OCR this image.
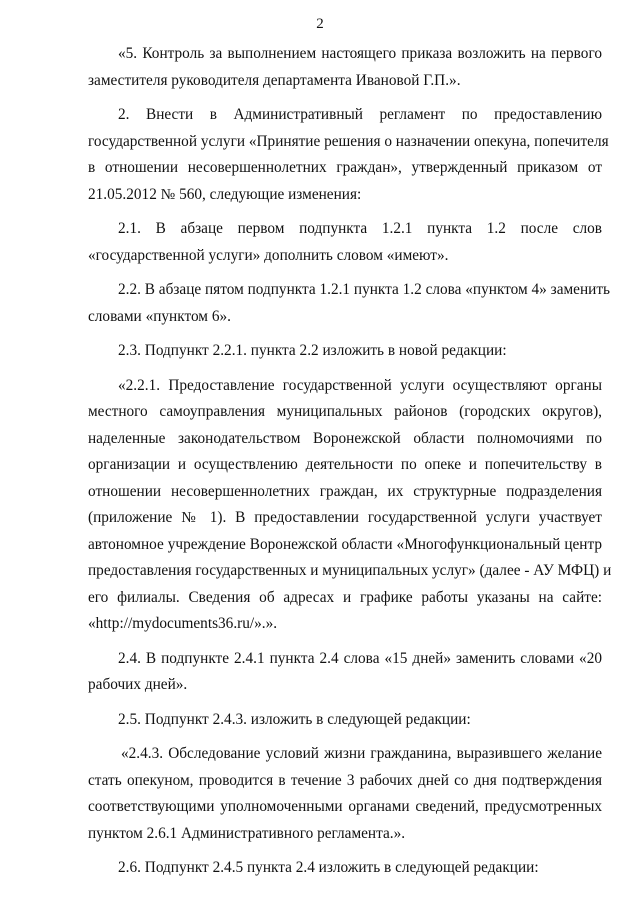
2
«5. Контроль за выполнением настоящего приказа возложить на первого
заместителя руководителя департамента Ивановой Г.П.».
2. Внести в Административный регламент по предоставлению
государственной услуги «Принятие решения о назначении опекуна, попечителя
в отношении несовершеннолетних граждан», утвержденный приказом от
21.05.2012 № 560, следующие изменения:
2.1. В абзаце первом подпункта 1.2.1 пункта 1.2 после слов
«государственной услуги» дополнить словом «имеют».
2.2. В абзаце пятом подпункта 1.2.1 пункта 1.2 слова «пунктом 4» заменить
словами «пунктом 6».
2.3. Подпункт 2.2.1. пункта 2.2 изложить в новой редакции:
«2.2.1. Предоставление государственной услуги осуществляют органы
местного самоуправления муниципальных районов (городских округов),
наделенные законодательством Воронежской области полномочиями по
организации и осуществлению деятельности по опеке и попечительству в
отношении несовершеннолетних граждан, их структурные подразделения
(приложение № 1). В предоставлении государственной услуги участвует
автономное учреждение Воронежской области «Многофункциональный центр
предоставления государственных и муниципальных услуг» (далее - АУ МФЦ) и
его филиалы. Сведения об адресах и графике работы указаны на сайте:
«http://mydocuments36.ru/».».
2.4. В подпункте 2.4.1 пункта 2.4 слова «15 дней» заменить словами «20
рабочих дней».
2.5. Подпункт 2.4.3. изложить в следующей редакции:
«2.4.3. Обследование условий жизни гражданина, выразившего желание
стать опекуном, проводится в течение 3 рабочих дней со дня подтверждения
соответствующими уполномоченными органами сведений, предусмотренных
пунктом 2.6.1 Административного регламента.».
2.6. Подпункт 2.4.5 пункта 2.4 изложить в следующей редакции:
